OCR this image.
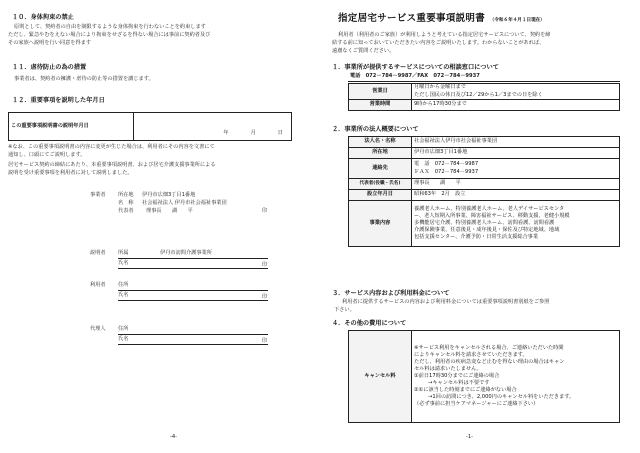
１０．身体拘束の禁止
原則として、契約者の自由を制限するような身体拘束を行わないことを約束します
ただし、緊急やむをえない場合により拘束をせざるを得ない場合には事前に契約者及び
その家族へ説明を行い同意を得ます
１１．虐待防止の為の措置
事業者は、契約者の擁護・虐待の防止等の措置を講じます。
１２．重要事項を説明した年月日
この重要事項説明書の説明年月日	
年	月	日
※なお、この重要事項説明書の内容に変更が生じた場合は、利用者にその内容を文書にて
通知し、口頭にてご説明します。
居宅サービス契約の締結にあたり、本重要事項説明書、および居宅介護支援事業所による
説明を受け重要事項を利用者に対して説明しました。
事業者 所在地 伊丹市広畑3丁目1番地
名　称 社会福祉法人 伊丹市社会福祉事業団
代表者 理事長　　湖　　平	印
説明者 所属	伊丹市訪問介護事業所
氏名	印
利用者 住所
氏名	印
代理人 住所
氏名	印
-4-
指定居宅サービス重要事項説明書 （令和６年４月１日現在）
利用者（利用者のご家族）が利用しようと考えている指定居宅サービスについて、契約を締
結する前に知っておいていただきたい内容をご説明いたします。わからないことがあれば、
遠慮なくご質問ください。
１．事業所が提供するサービスについての相談窓口について
電話　072－784－9987／FAX　072－784－9937
営業日	月曜日から金曜日まで
ただし国民の休日及び12／29から1／3までの日を除く

営業時間	9時から17時30分まで
２．事業所の法人概要について
法人名・名称	社会福祉法人伊丹市社会福祉事業団
所在地	伊丹市広畑3丁目1番地
連絡先	電　話　072－784－9987
ＦＡＸ　072－784－9937

代表者(役職・氏名)	理事長　　湖　　平
設立年月日	昭和63年　2月　設立
事業内容	養護老人ホーム、特別養護老人ホーム、老人デイサービスセンタ
ー、老人短期入所事業、障害福祉サービス、移動支援、老健小規模
多機能居宅介護、特別養護老人ホーム、訪問看護、訪問看護
介護保険事業、任意後見・成年後見・保佐及び特定地域、地域
包括支援センター、介護予防・日常生活支援総合事業
３．サービス内容および利用料金について
利用者に提供するサービスの内容および利用料金については重要事項説明書別紙をご参照
下さい。
４．その他の費用について
キャンセル料	
※サービス利用をキャンセルされる場合、ご連絡いただいた時間
によりキャンセル料を請求させていただきます。
ただし、利用者の疾病急変など止むを得ない理由の場合はキャン
セル料は請求いたしません。
①前日17時30分までにご連絡の場合
→キャンセル料は不要です
②①に該当した時刻までにご連絡がない場合
→1回の訪問につき、2,000円のキャンセル料をいただきます。
（必ず事前に担当ケアマネージャーにご連絡下さい）
-1-
